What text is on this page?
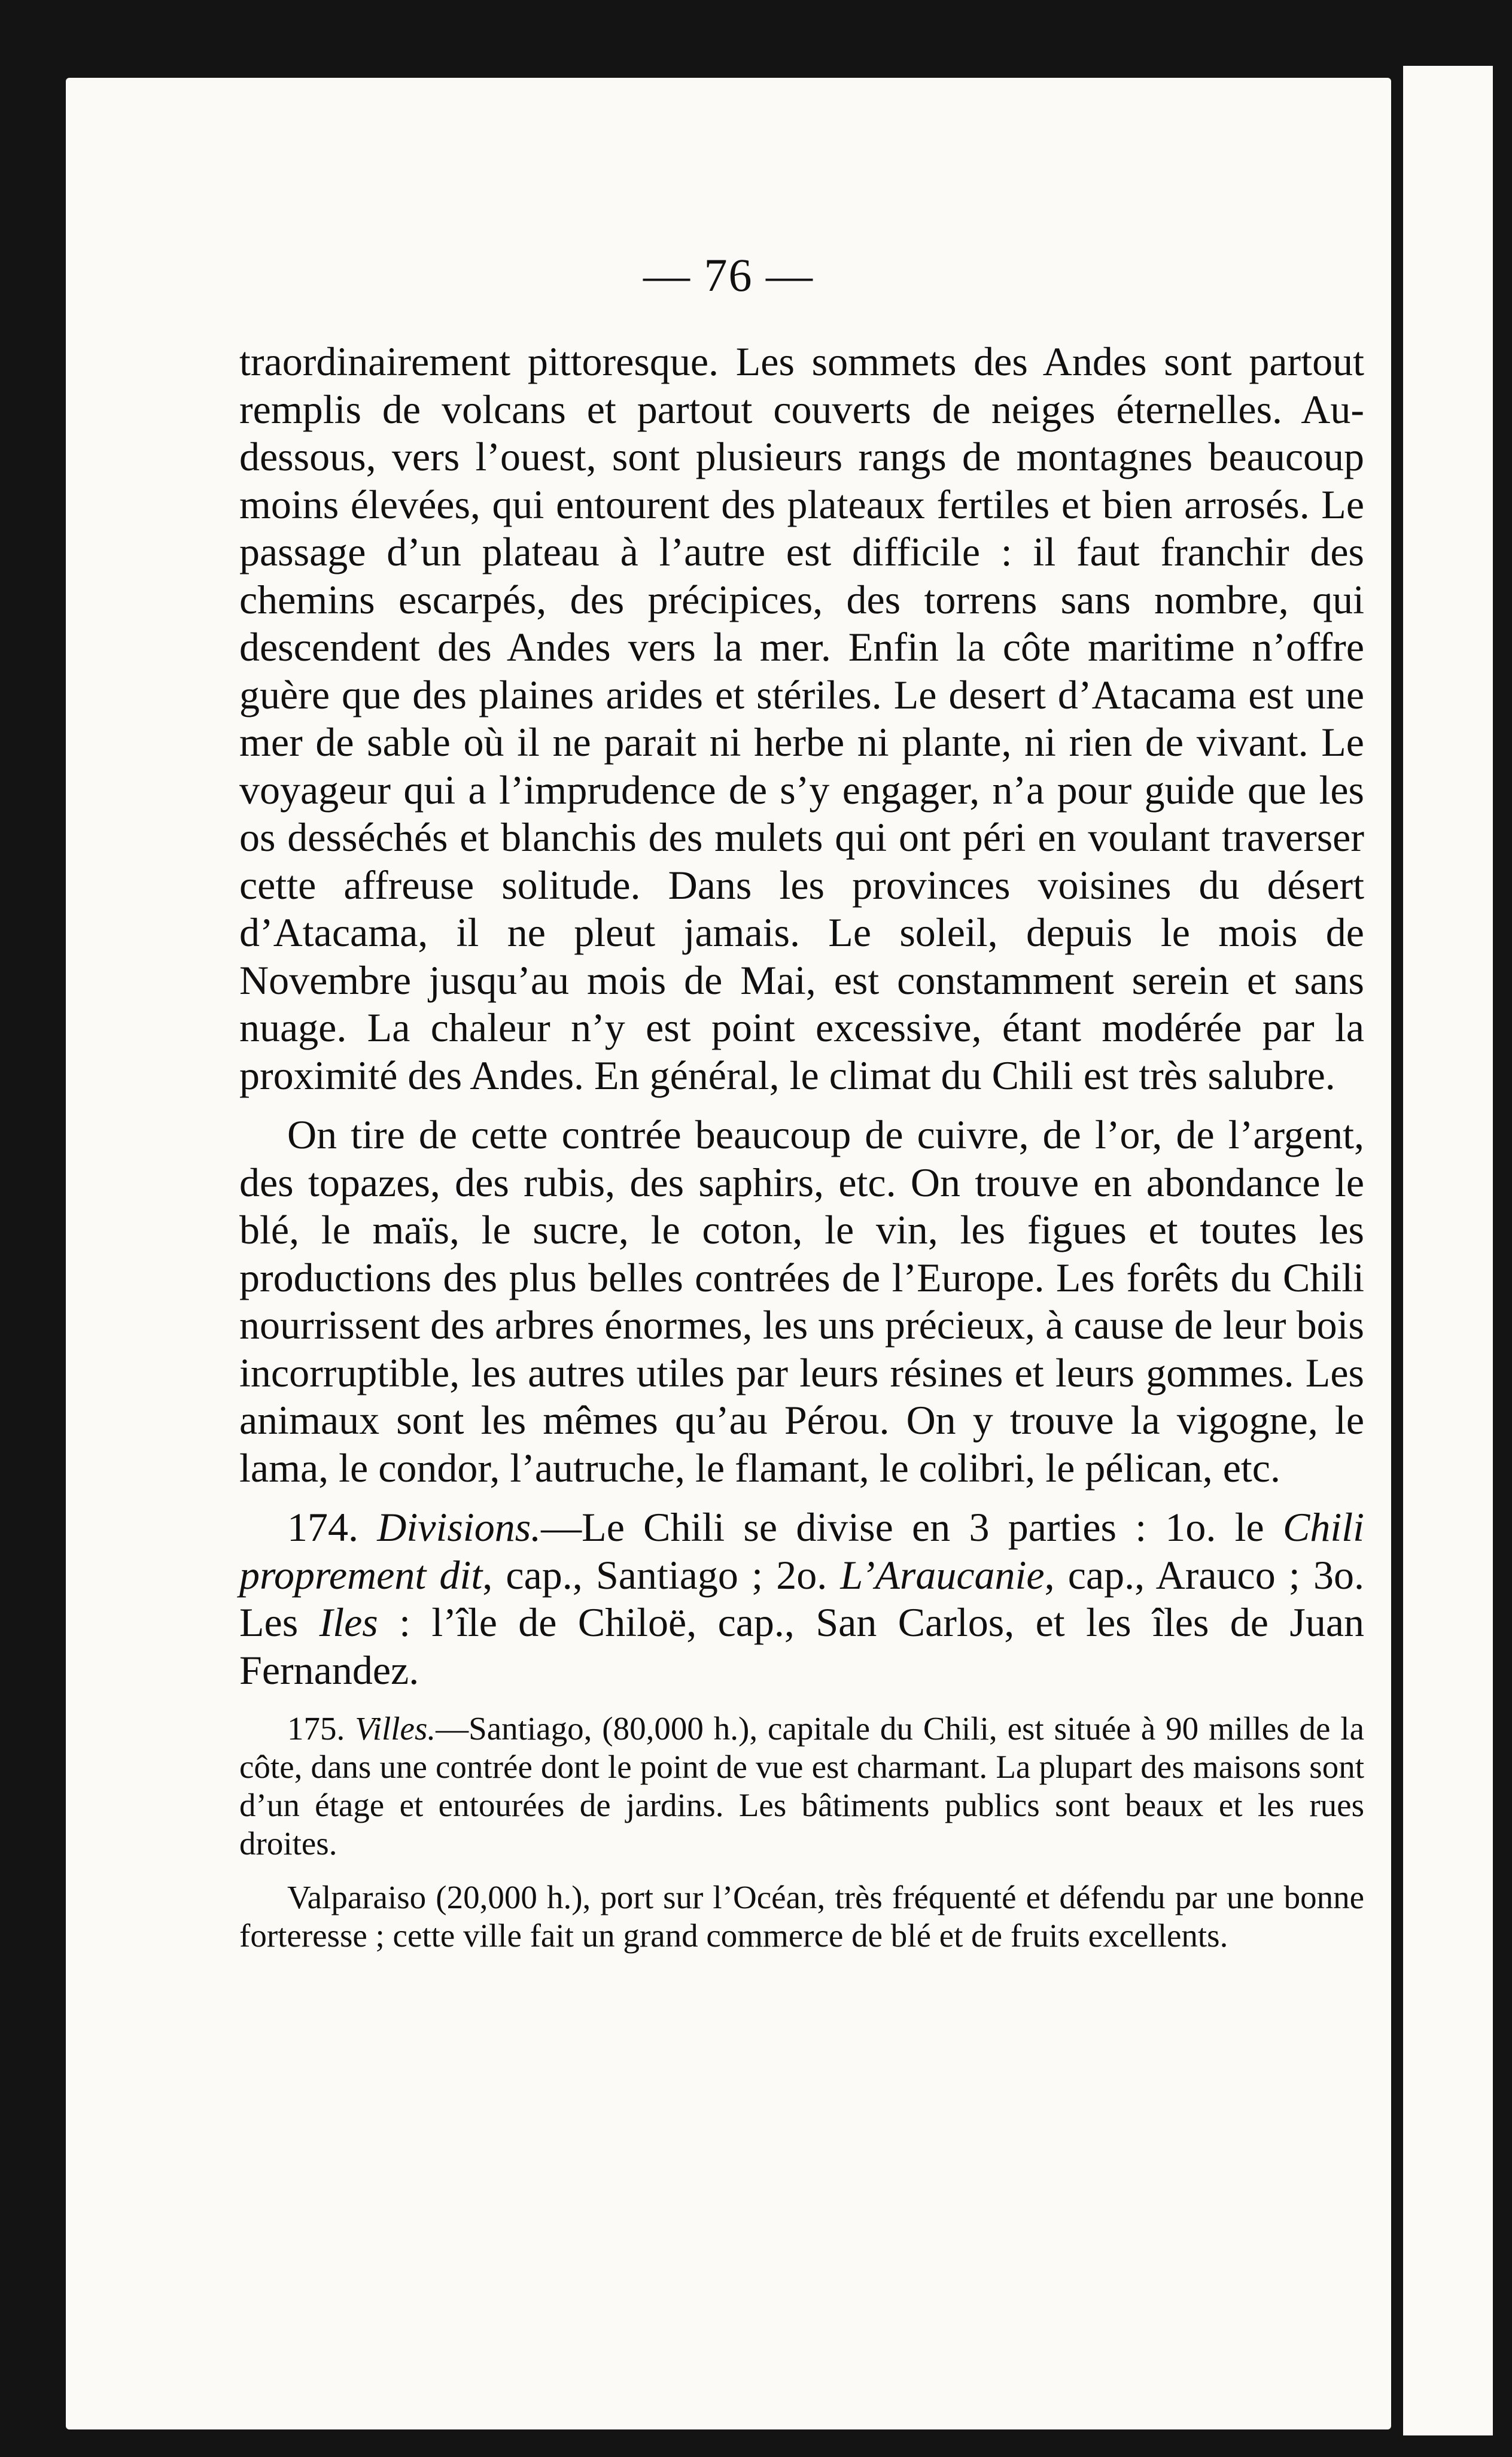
— 76 —

traordinairement pittoresque. Les sommets des Andes sont partout remplis de volcans et partout couverts de neiges éternelles. Au-dessous, vers l’ouest, sont plusieurs rangs de montagnes beaucoup moins élevées, qui entourent des plateaux fertiles et bien arrosés. Le passage d’un plateau à l’autre est difficile : il faut franchir des chemins escarpés, des précipices, des torrens sans nombre, qui descendent des Andes vers la mer. Enfin la côte maritime n’offre guère que des plaines arides et stériles. Le desert d’Atacama est une mer de sable où il ne parait ni herbe ni plante, ni rien de vivant. Le voyageur qui a l’imprudence de s’y engager, n’a pour guide que les os desséchés et blanchis des mulets qui ont péri en voulant traverser cette affreuse solitude. Dans les provinces voisines du désert d’Atacama, il ne pleut jamais. Le soleil, depuis le mois de Novembre jusqu’au mois de Mai, est constamment serein et sans nuage. La chaleur n’y est point excessive, étant modérée par la proximité des Andes. En général, le climat du Chili est très salubre.

On tire de cette contrée beaucoup de cuivre, de l’or, de l’argent, des topazes, des rubis, des saphirs, etc. On trouve en abondance le blé, le maïs, le sucre, le coton, le vin, les figues et toutes les productions des plus belles contrées de l’Europe. Les forêts du Chili nourrissent des arbres énormes, les uns précieux, à cause de leur bois incorruptible, les autres utiles par leurs résines et leurs gommes. Les animaux sont les mêmes qu’au Pérou. On y trouve la vigogne, le lama, le condor, l’autruche, le flamant, le colibri, le pélican, etc.

174. Divisions.—Le Chili se divise en 3 parties : 1o. le Chili proprement dit, cap., Santiago ; 2o. L’Araucanie, cap., Arauco ; 3o. Les Iles : l’île de Chiloë, cap., San Carlos, et les îles de Juan Fernandez.

175. Villes.—Santiago, (80,000 h.), capitale du Chili, est située à 90 milles de la côte, dans une contrée dont le point de vue est charmant. La plupart des maisons sont d’un étage et entourées de jardins. Les bâtiments publics sont beaux et les rues droites.

Valparaiso (20,000 h.), port sur l’Océan, très fréquenté et défendu par une bonne forteresse ; cette ville fait un grand commerce de blé et de fruits excellents.
